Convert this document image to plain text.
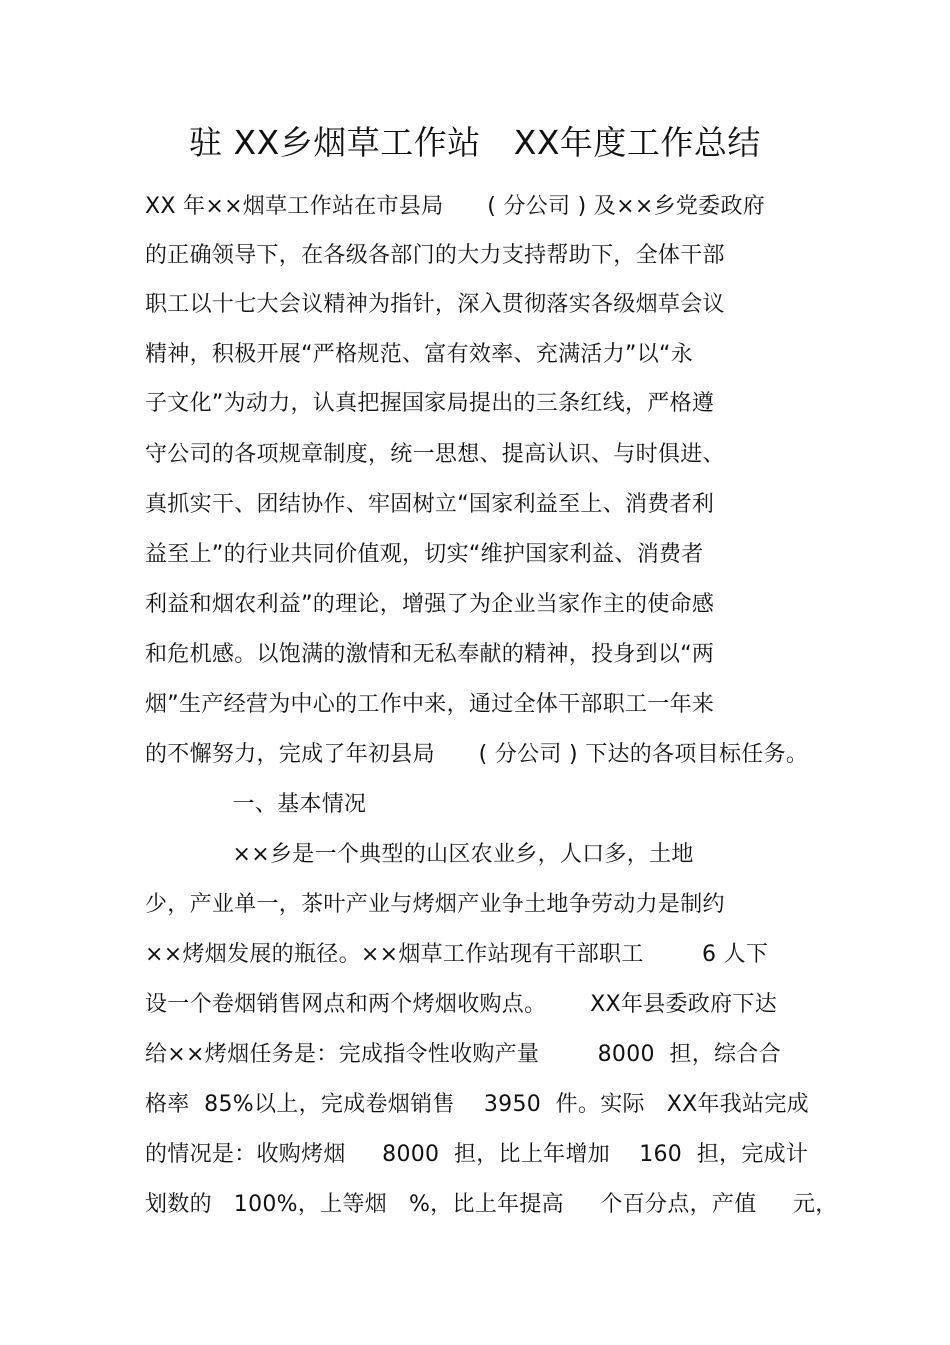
驻 XX乡烟草工作站   XX年度工作总结
XX 年××烟草工作站在市县局      ( 分公司 ) 及××乡党委政府
的正确领导下，在各级各部门的大力支持帮助下，全体干部
职工以十七大会议精神为指针，深入贯彻落实各级烟草会议
精神，积极开展“严格规范、富有效率、充满活力”以“永
子文化”为动力，认真把握国家局提出的三条红线，严格遵
守公司的各项规章制度，统一思想、提高认识、与时俱进、
真抓实干、团结协作、牢固树立“国家利益至上、消费者利
益至上”的行业共同价值观，切实“维护国家利益、消费者
利益和烟农利益”的理论，增强了为企业当家作主的使命感
和危机感。以饱满的激情和无私奉献的精神，投身到以“两
烟”生产经营为中心的工作中来，通过全体干部职工一年来
的不懈努力，完成了年初县局      ( 分公司 ) 下达的各项目标任务。
一、基本情况
××乡是一个典型的山区农业乡，人口多，土地
少，产业单一，茶叶产业与烤烟产业争土地争劳动力是制约
××烤烟发展的瓶径。××烟草工作站现有干部职工        6 人下
设一个卷烟销售网点和两个烤烟收购点。      XX年县委政府下达
给××烤烟任务是：完成指令性收购产量        8000  担，综合合
格率  85%以上，完成卷烟销售    3950  件。实际   XX年我站完成
的情况是：收购烤烟     8000  担，比上年增加    160  担，完成计
划数的   100%，上等烟   %，比上年提高     个百分点，产值     元，
